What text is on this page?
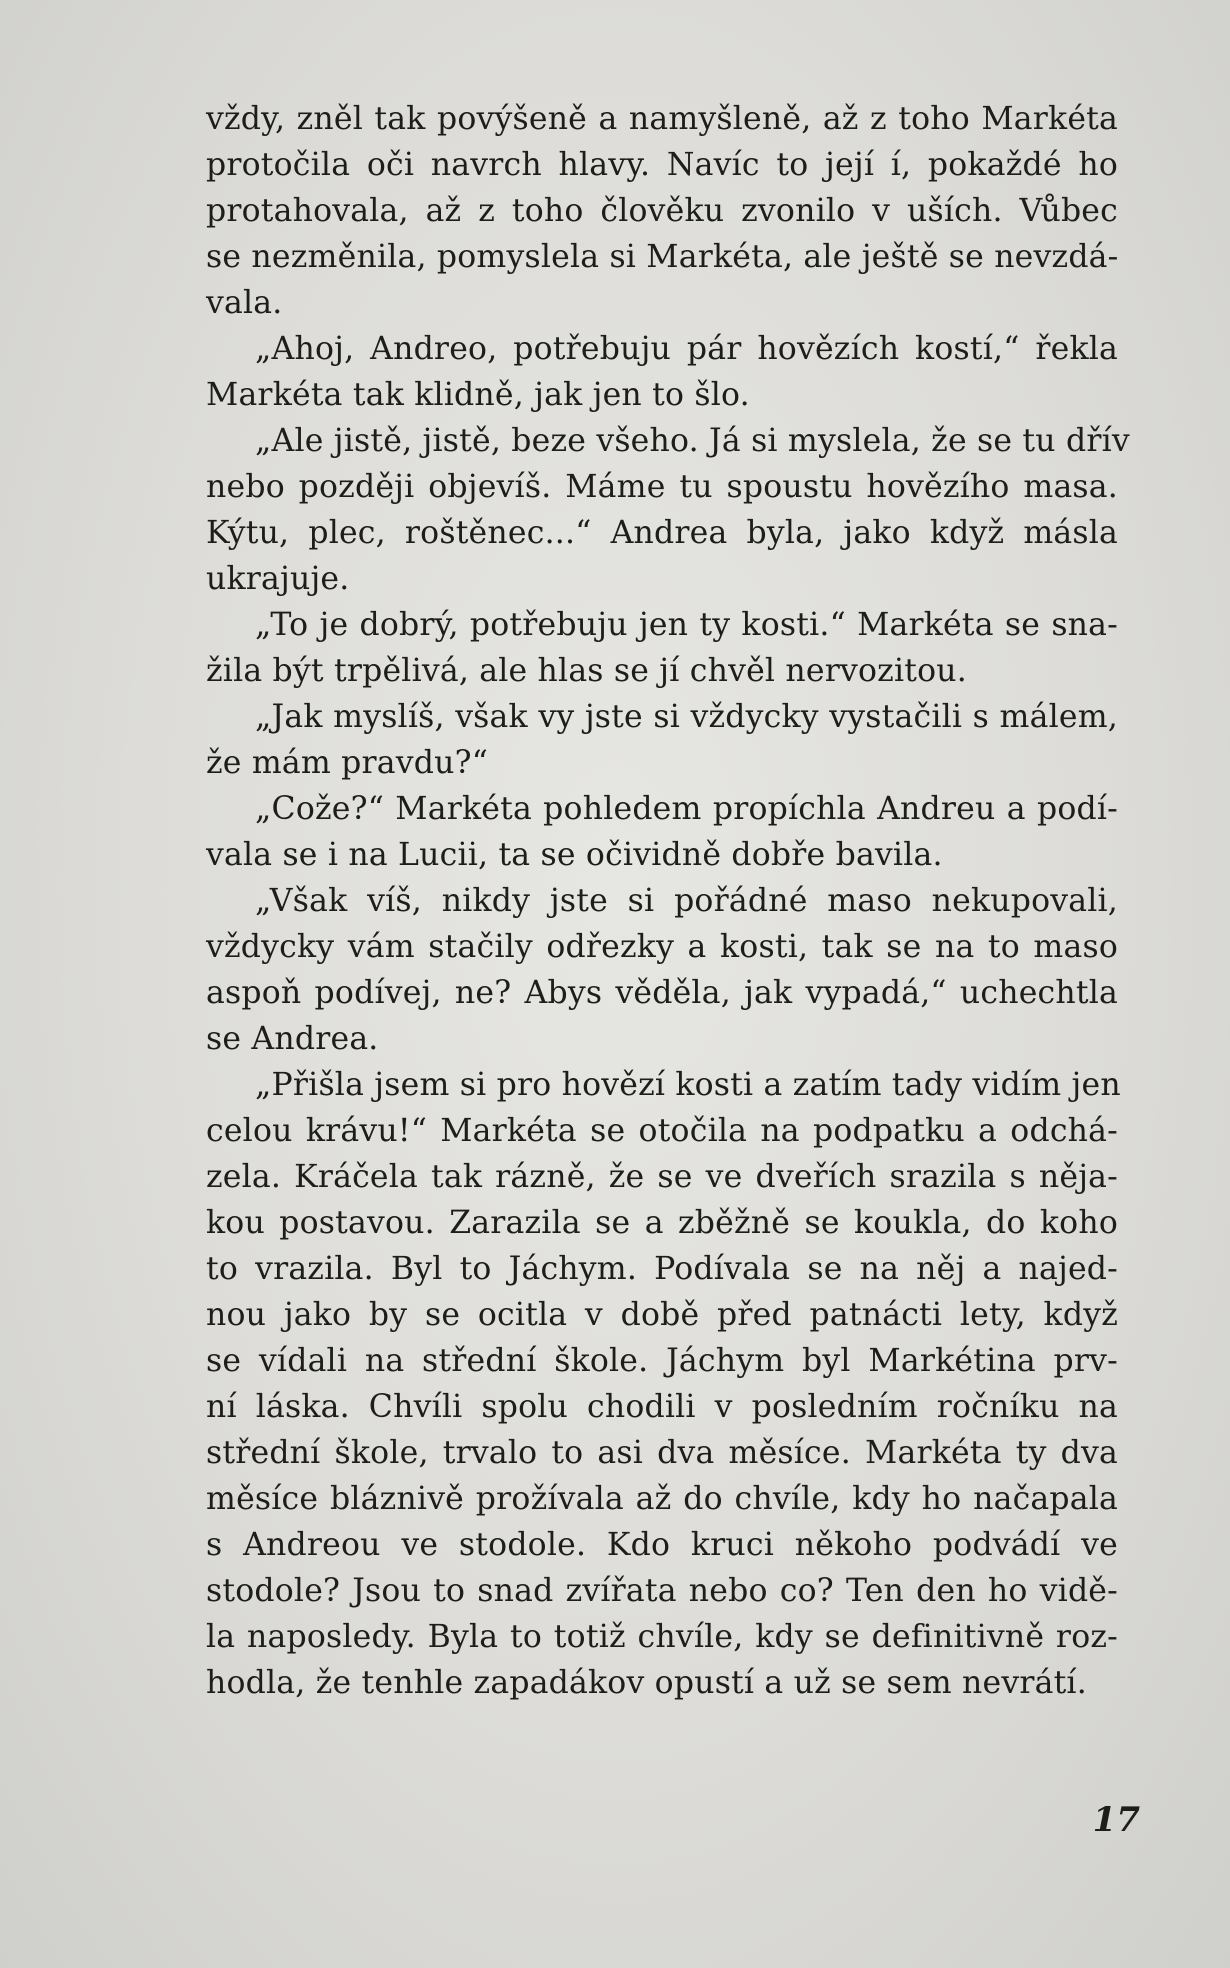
vždy, zněl tak povýšeně a namyšleně, až z toho Markéta
protočila oči navrch hlavy. Navíc to její í, pokaždé ho
protahovala, až z toho člověku zvonilo v uších. Vůbec
se nezměnila, pomyslela si Markéta, ale ještě se nevzdá-
vala.
„Ahoj, Andreo, potřebuju pár hovězích kostí,“ řekla
Markéta tak klidně, jak jen to šlo.
„Ale jistě, jistě, beze všeho. Já si myslela, že se tu dřív
nebo později objevíš. Máme tu spoustu hovězího masa.
Kýtu, plec, roštěnec...“ Andrea byla, jako když másla
ukrajuje.
„To je dobrý, potřebuju jen ty kosti.“ Markéta se sna-
žila být trpělivá, ale hlas se jí chvěl nervozitou.
„Jak myslíš, však vy jste si vždycky vystačili s málem,
že mám pravdu?“
„Cože?“ Markéta pohledem propíchla Andreu a podí-
vala se i na Lucii, ta se očividně dobře bavila.
„Však víš, nikdy jste si pořádné maso nekupovali,
vždycky vám stačily odřezky a kosti, tak se na to maso
aspoň podívej, ne? Abys věděla, jak vypadá,“ uchechtla
se Andrea.
„Přišla jsem si pro hovězí kosti a zatím tady vidím jen
celou krávu!“ Markéta se otočila na podpatku a odchá-
zela. Kráčela tak rázně, že se ve dveřích srazila s něja-
kou postavou. Zarazila se a zběžně se koukla, do koho
to vrazila. Byl to Jáchym. Podívala se na něj a najed-
nou jako by se ocitla v době před patnácti lety, když
se vídali na střední škole. Jáchym byl Markétina prv-
ní láska. Chvíli spolu chodili v posledním ročníku na
střední škole, trvalo to asi dva měsíce. Markéta ty dva
měsíce bláznivě prožívala až do chvíle, kdy ho načapala
s Andreou ve stodole. Kdo kruci někoho podvádí ve
stodole? Jsou to snad zvířata nebo co? Ten den ho vidě-
la naposledy. Byla to totiž chvíle, kdy se definitivně roz-
hodla, že tenhle zapadákov opustí a už se sem nevrátí.
17
